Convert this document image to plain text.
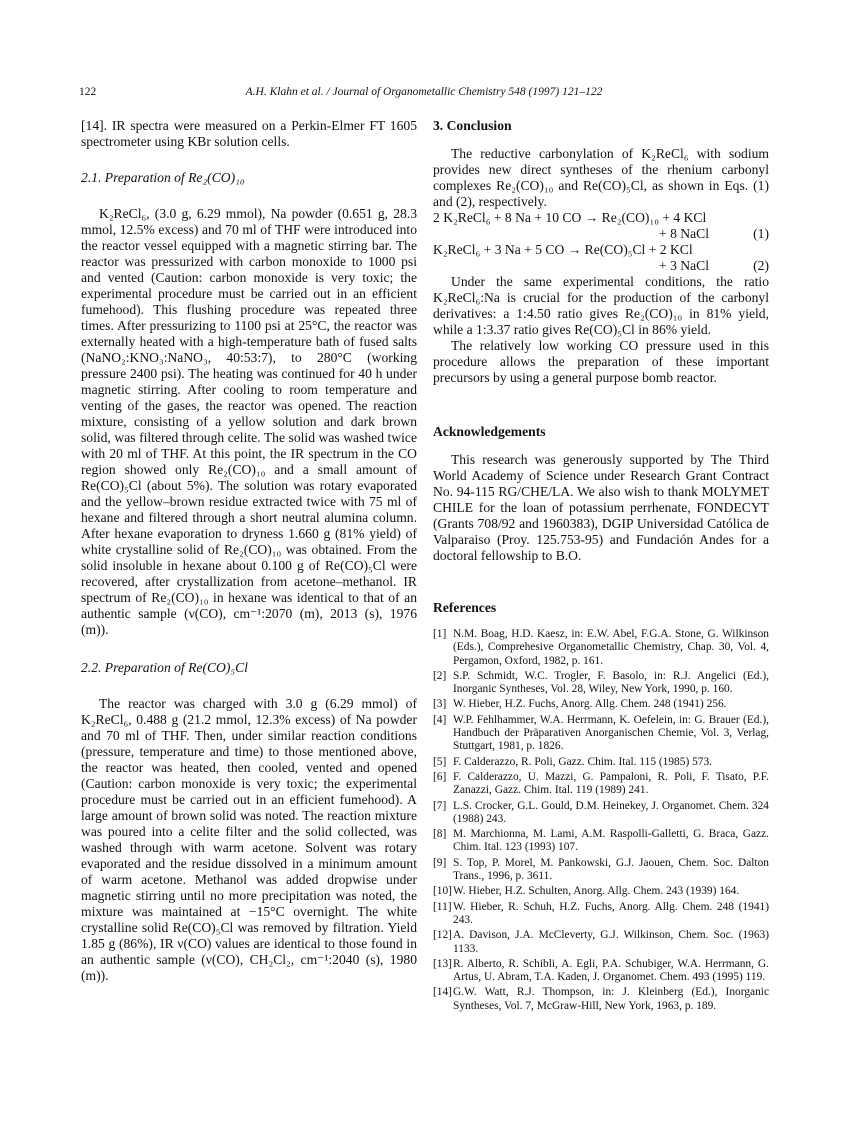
122	A.H. Klahn et al. / Journal of Organometallic Chemistry 548 (1997) 121–122

[14]. IR spectra were measured on a Perkin-Elmer FT 1605 spectrometer using KBr solution cells.

2.1. Preparation of Re₂(CO)₁₀

K₂ReCl₆, (3.0 g, 6.29 mmol), Na powder (0.651 g, 28.3 mmol, 12.5% excess) and 70 ml of THF were introduced into the reactor vessel equipped with a magnetic stirring bar. The reactor was pressurized with carbon monoxide to 1000 psi and vented (Caution: carbon monoxide is very toxic; the experimental procedure must be carried out in an efficient fumehood). This flushing procedure was repeated three times. After pressurizing to 1100 psi at 25°C, the reactor was externally heated with a high-temperature bath of fused salts (NaNO₂:KNO₃:NaNO₃, 40:53:7), to 280°C (working pressure 2400 psi). The heating was continued for 40 h under magnetic stirring. After cooling to room temperature and venting of the gases, the reactor was opened. The reaction mixture, consisting of a yellow solution and dark brown solid, was filtered through celite. The solid was washed twice with 20 ml of THF. At this point, the IR spectrum in the CO region showed only Re₂(CO)₁₀ and a small amount of Re(CO)₅Cl (about 5%). The solution was rotary evaporated and the yellow–brown residue extracted twice with 75 ml of hexane and filtered through a short neutral alumina column. After hexane evaporation to dryness 1.660 g (81% yield) of white crystalline solid of Re₂(CO)₁₀ was obtained. From the solid insoluble in hexane about 0.100 g of Re(CO)₅Cl were recovered, after crystallization from acetone–methanol. IR spectrum of Re₂(CO)₁₀ in hexane was identical to that of an authentic sample (ν(CO), cm⁻¹:2070 (m), 2013 (s), 1976 (m)).

2.2. Preparation of Re(CO)₅Cl

The reactor was charged with 3.0 g (6.29 mmol) of K₂ReCl₆, 0.488 g (21.2 mmol, 12.3% excess) of Na powder and 70 ml of THF. Then, under similar reaction conditions (pressure, temperature and time) to those mentioned above, the reactor was heated, then cooled, vented and opened (Caution: carbon monoxide is very toxic; the experimental procedure must be carried out in an efficient fumehood). A large amount of brown solid was noted. The reaction mixture was poured into a celite filter and the solid collected, was washed through with warm acetone. Solvent was rotary evaporated and the residue dissolved in a minimum amount of warm acetone. Methanol was added dropwise under magnetic stirring until no more precipitation was noted, the mixture was maintained at −15°C overnight. The white crystalline solid Re(CO)₅Cl was removed by filtration. Yield 1.85 g (86%), IR ν(CO) values are identical to those found in an authentic sample (ν(CO), CH₂Cl₂, cm⁻¹:2040 (s), 1980 (m)).

3. Conclusion

The reductive carbonylation of K₂ReCl₆ with sodium provides new direct syntheses of the rhenium carbonyl complexes Re₂(CO)₁₀ and Re(CO)₅Cl, as shown in Eqs. (1) and (2), respectively.

2 K₂ReCl₆ + 8 Na + 10 CO → Re₂(CO)₁₀ + 4 KCl
+ 8 NaCl	(1)
K₂ReCl₆ + 3 Na + 5 CO → Re(CO)₅Cl + 2 KCl
+ 3 NaCl	(2)

Under the same experimental conditions, the ratio K₂ReCl₆:Na is crucial for the production of the carbonyl derivatives: a 1:4.50 ratio gives Re₂(CO)₁₀ in 81% yield, while a 1:3.37 ratio gives Re(CO)₅Cl in 86% yield.

The relatively low working CO pressure used in this procedure allows the preparation of these important precursors by using a general purpose bomb reactor.

Acknowledgements

This research was generously supported by The Third World Academy of Science under Research Grant Contract No. 94-115 RG/CHE/LA. We also wish to thank MOLYMET CHILE for the loan of potassium perrhenate, FONDECYT (Grants 708/92 and 1960383), DGIP Universidad Católica de Valparaiso (Proy. 125.753-95) and Fundación Andes for a doctoral fellowship to B.O.

References

[1] N.M. Boag, H.D. Kaesz, in: E.W. Abel, F.G.A. Stone, G. Wilkinson (Eds.), Comprehesive Organometallic Chemistry, Chap. 30, Vol. 4, Pergamon, Oxford, 1982, p. 161.
[2] S.P. Schmidt, W.C. Trogler, F. Basolo, in: R.J. Angelici (Ed.), Inorganic Syntheses, Vol. 28, Wiley, New York, 1990, p. 160.
[3] W. Hieber, H.Z. Fuchs, Anorg. Allg. Chem. 248 (1941) 256.
[4] W.P. Fehlhammer, W.A. Herrmann, K. Oefelein, in: G. Brauer (Ed.), Handbuch der Präparativen Anorganischen Chemie, Vol. 3, Verlag, Stuttgart, 1981, p. 1826.
[5] F. Calderazzo, R. Poli, Gazz. Chim. Ital. 115 (1985) 573.
[6] F. Calderazzo, U. Mazzi, G. Pampaloni, R. Poli, F. Tisato, P.F. Zanazzi, Gazz. Chim. Ital. 119 (1989) 241.
[7] L.S. Crocker, G.L. Gould, D.M. Heinekey, J. Organomet. Chem. 324 (1988) 243.
[8] M. Marchionna, M. Lami, A.M. Raspolli-Galletti, G. Braca, Gazz. Chim. Ital. 123 (1993) 107.
[9] S. Top, P. Morel, M. Pankowski, G.J. Jaouen, Chem. Soc. Dalton Trans., 1996, p. 3611.
[10] W. Hieber, H.Z. Schulten, Anorg. Allg. Chem. 243 (1939) 164.
[11] W. Hieber, R. Schuh, H.Z. Fuchs, Anorg. Allg. Chem. 248 (1941) 243.
[12] A. Davison, J.A. McCleverty, G.J. Wilkinson, Chem. Soc. (1963) 1133.
[13] R. Alberto, R. Schibli, A. Egli, P.A. Schubiger, W.A. Herrmann, G. Artus, U. Abram, T.A. Kaden, J. Organomet. Chem. 493 (1995) 119.
[14] G.W. Watt, R.J. Thompson, in: J. Kleinberg (Ed.), Inorganic Syntheses, Vol. 7, McGraw-Hill, New York, 1963, p. 189.
